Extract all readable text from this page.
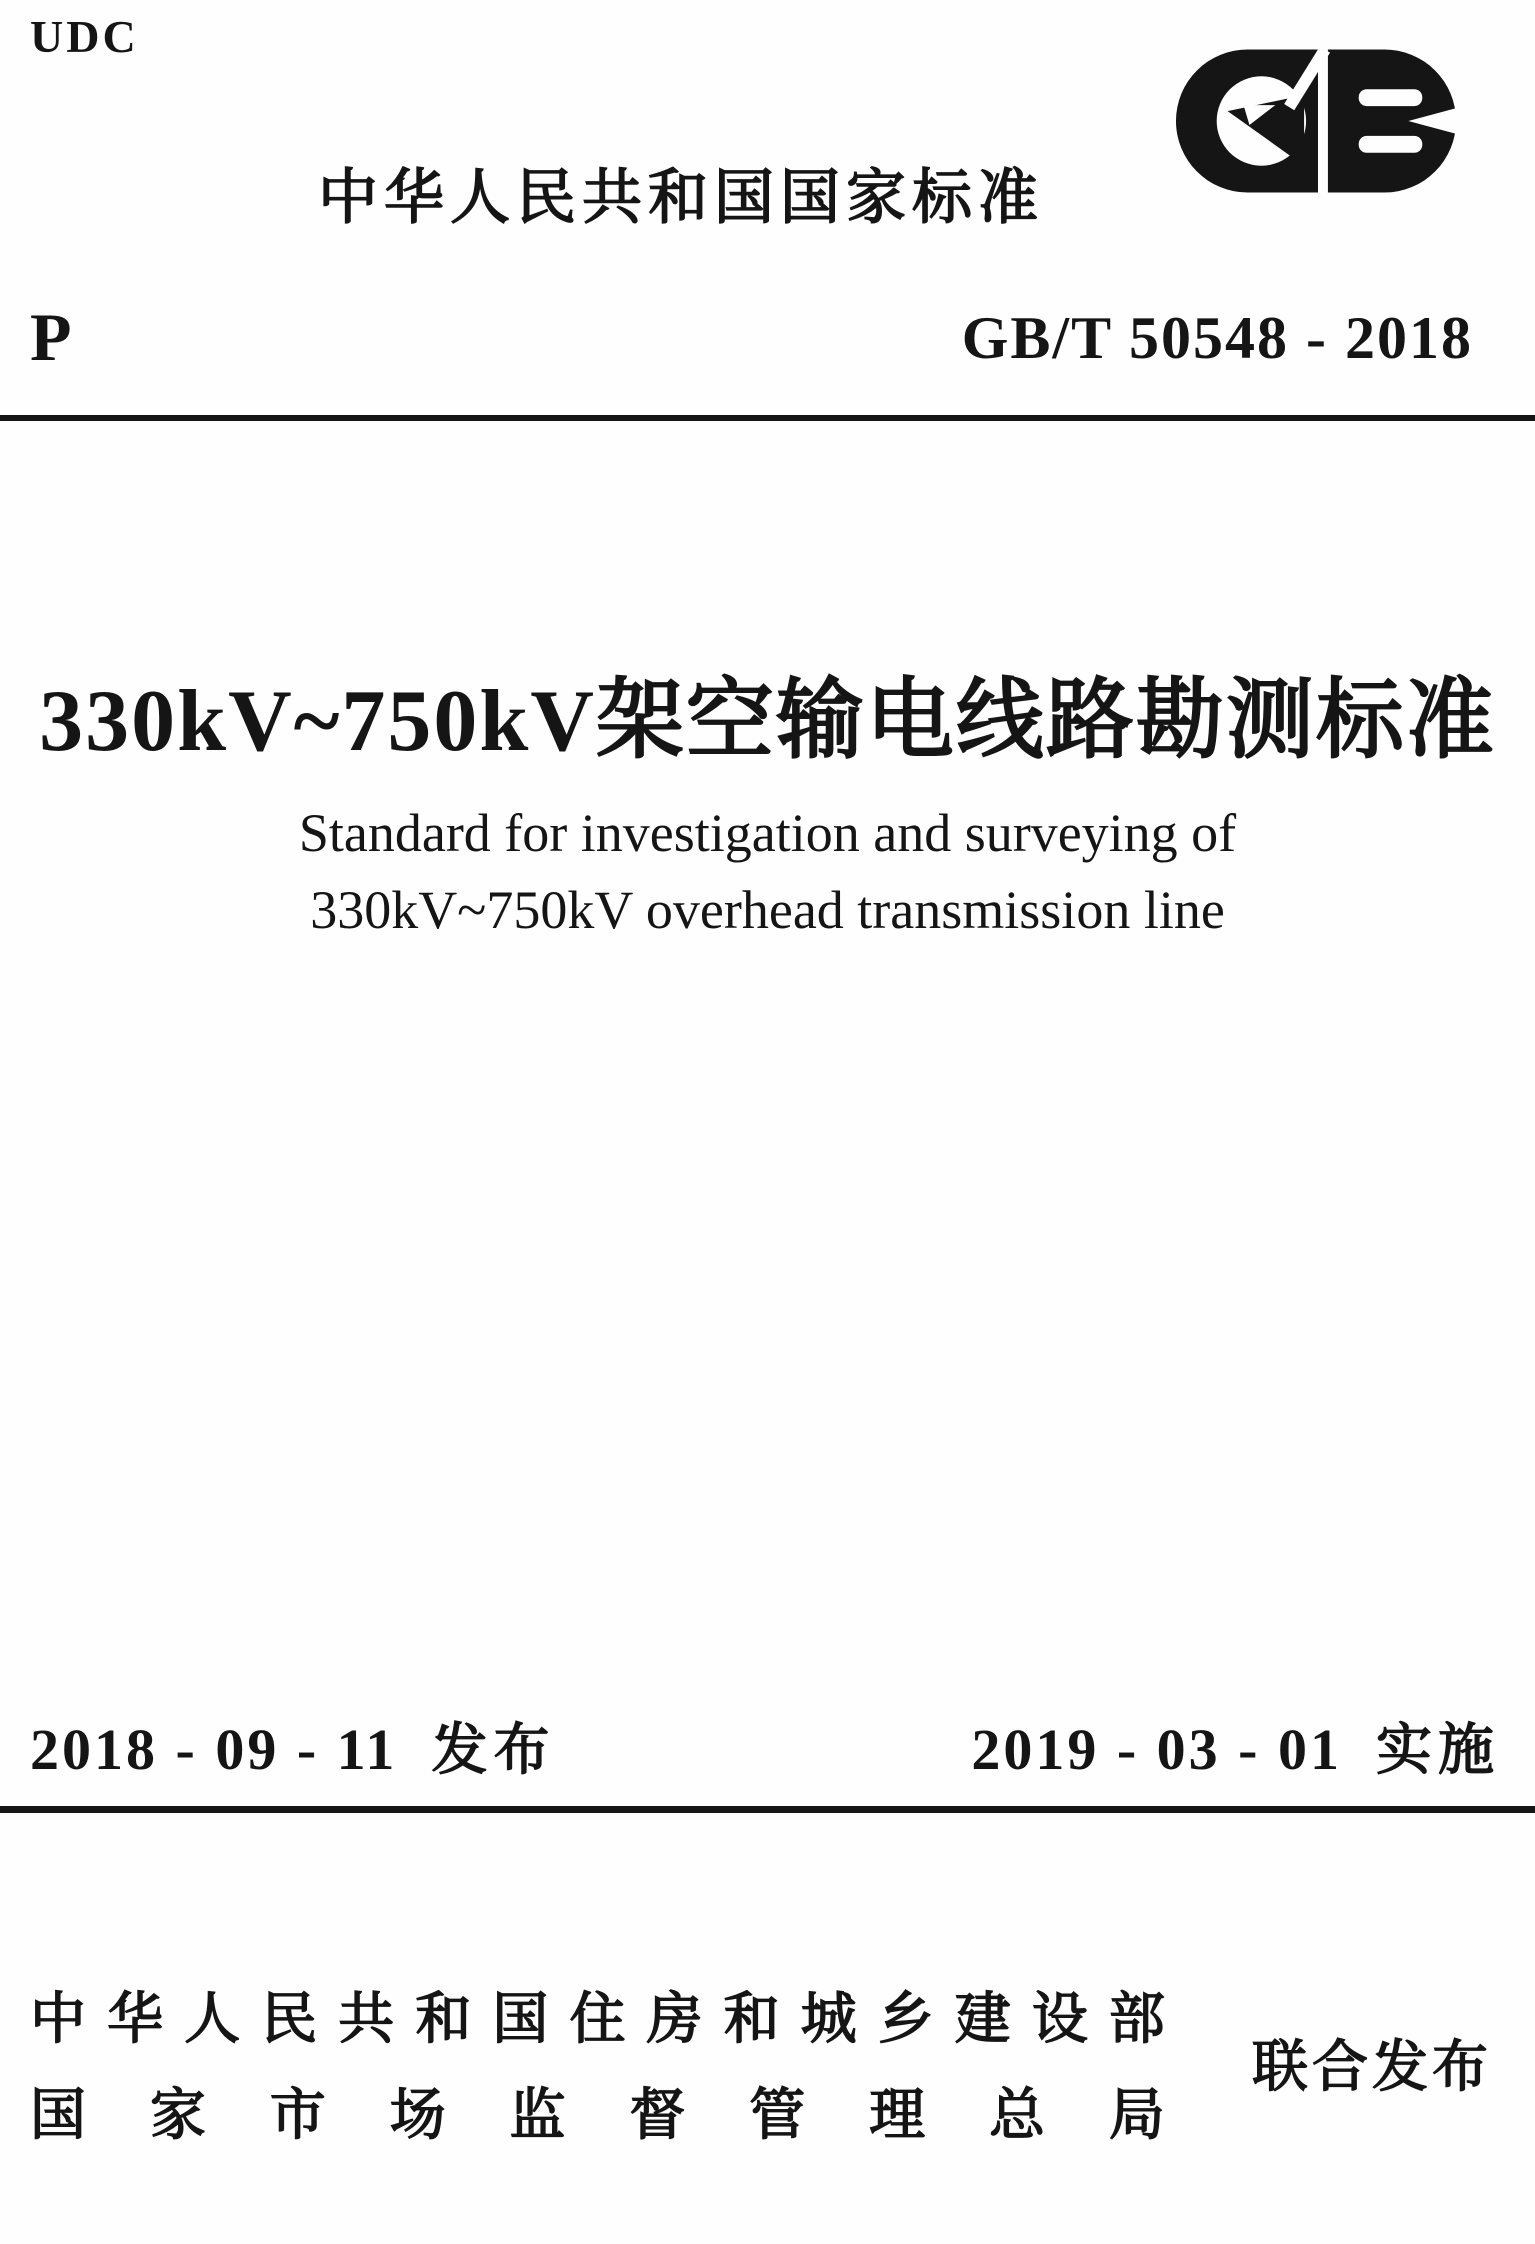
UDC
中华人民共和国国家标准
P	GB/T 50548 - 2018
330kV~750kV架空输电线路勘测标准
Standard for investigation and surveying of
330kV~750kV overhead transmission line
2018 - 09 - 11 发布	2019 - 03 - 01 实施
中 华 人 民 共 和 国 住 房 和 城 乡 建 设 部
国 家 市 场 监 督 管 理 总 局
联合发布
